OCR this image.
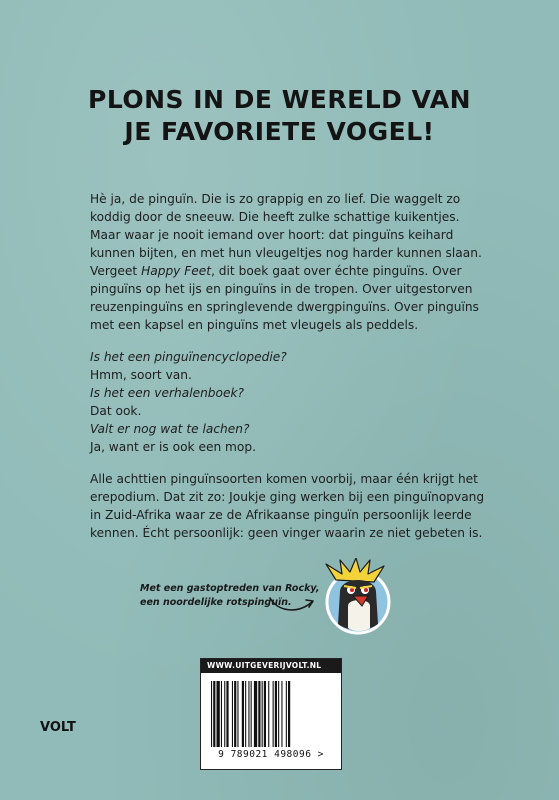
PLONS IN DE WERELD VAN
JE FAVORIETE VOGEL!
Hè ja, de pinguïn. Die is zo grappig en zo lief. Die waggelt zo
koddig door de sneeuw. Die heeft zulke schattige kuikentjes.
Maar waar je nooit iemand over hoort: dat pinguïns keihard
kunnen bijten, en met hun vleugeltjes nog harder kunnen slaan.
Vergeet Happy Feet, dit boek gaat over échte pinguïns. Over
pinguïns op het ijs en pinguïns in de tropen. Over uitgestorven
reuzenpinguïns en springlevende dwergpinguïns. Over pinguïns
met een kapsel en pinguïns met vleugels als peddels.
Is het een pinguïnencyclopedie?
Hmm, soort van.
Is het een verhalenboek?
Dat ook.
Valt er nog wat te lachen?
Ja, want er is ook een mop.
Alle achttien pinguïnsoorten komen voorbij, maar één krijgt het
erepodium. Dat zit zo: Joukje ging werken bij een pinguïnopvang
in Zuid-Afrika waar ze de Afrikaanse pinguïn persoonlijk leerde
kennen. Écht persoonlijk: geen vinger waarin ze niet gebeten is.
Met een gastoptreden van Rocky,
een noordelijke rotspinguïn.
WWW.UITGEVERIJVOLT.NL
9 789021 498096 >
VOLT
